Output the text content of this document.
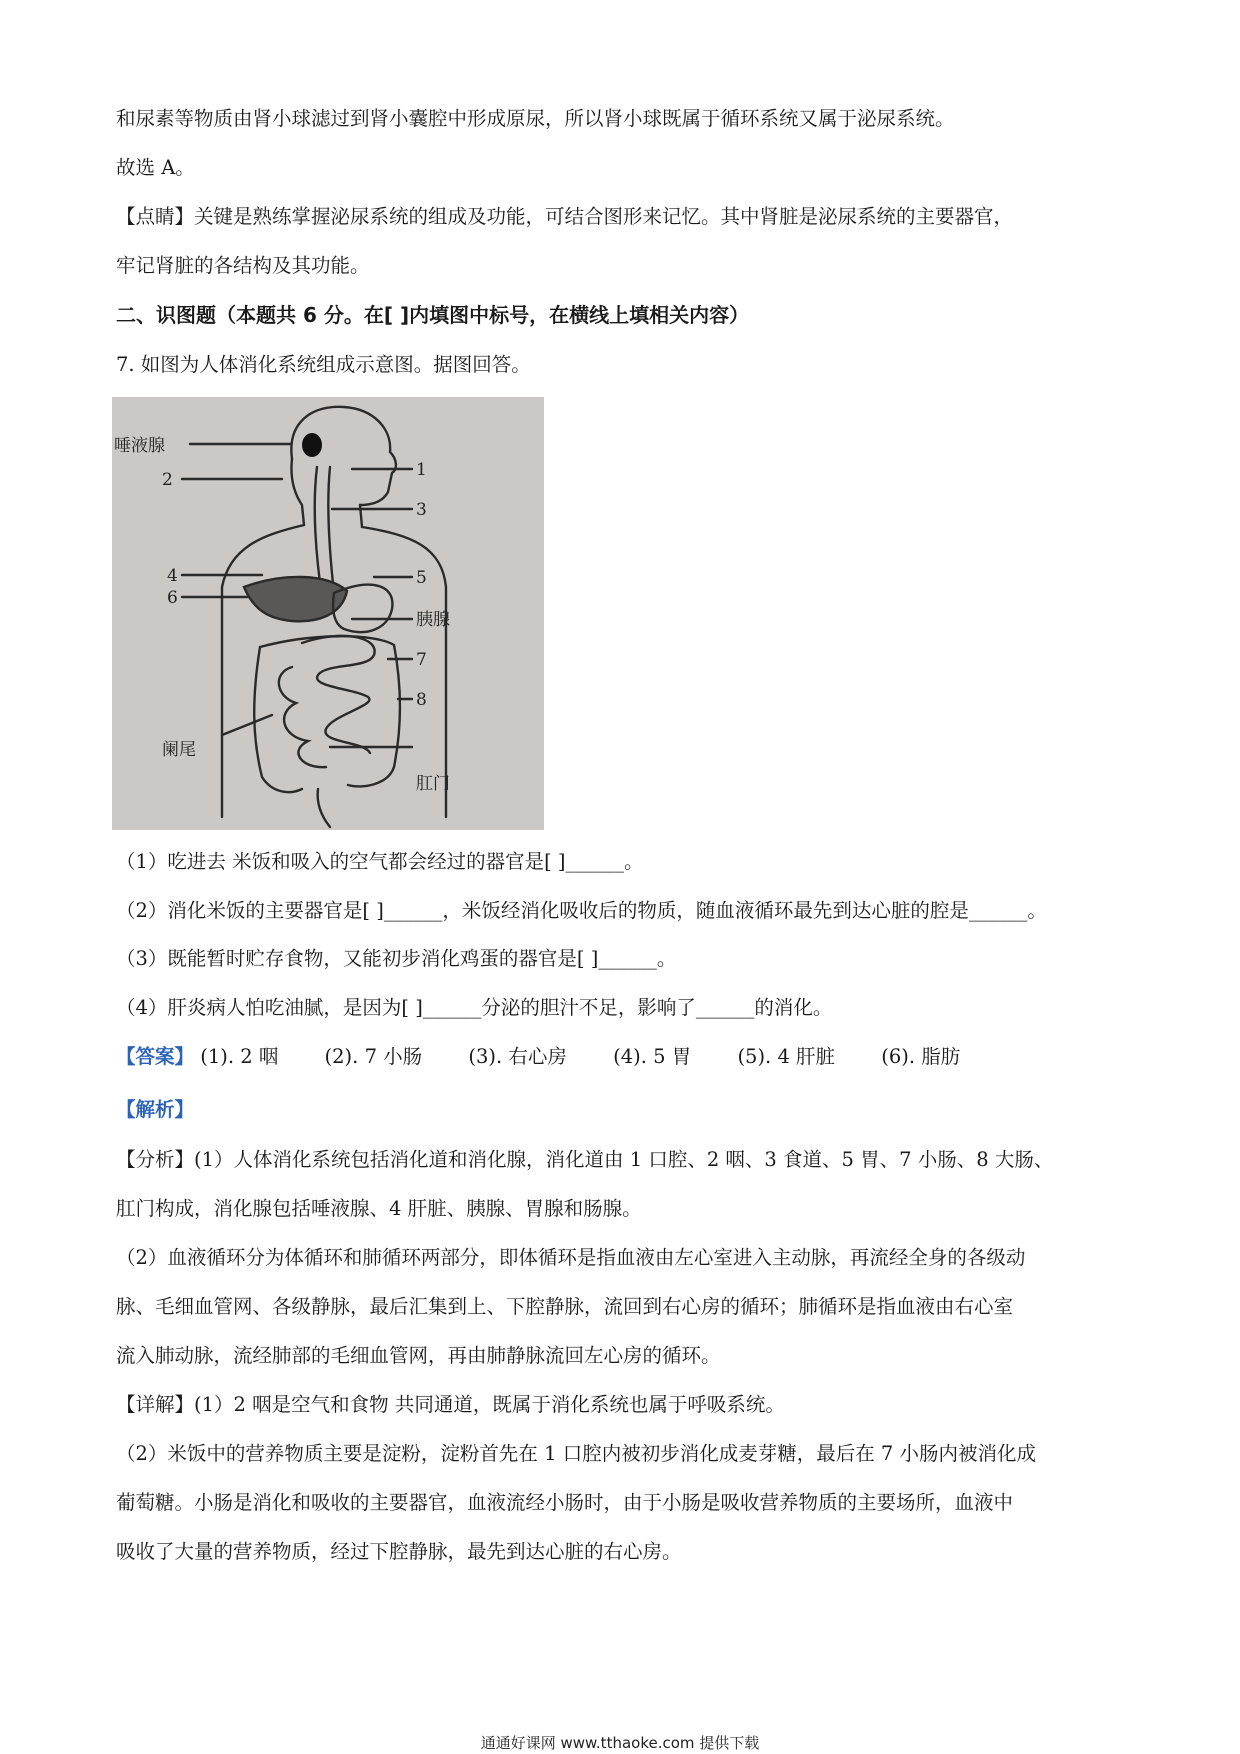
和尿素等物质由肾小球滤过到肾小囊腔中形成原尿，所以肾小球既属于循环系统又属于泌尿系统。
故选 A。
【点睛】关键是熟练掌握泌尿系统的组成及功能，可结合图形来记忆。其中肾脏是泌尿系统的主要器官，
牢记肾脏的各结构及其功能。
二、识图题（本题共 6 分。在[ ]内填图中标号，在横线上填相关内容）
7. 如图为人体消化系统组成示意图。据图回答。
唾液腺
2	1
3
4
6
5
胰腺
7
8
阑尾
肛门
（1）吃进去 米饭和吸入的空气都会经过的器官是[ ]______。
（2）消化米饭的主要器官是[ ]______，米饭经消化吸收后的物质，随血液循环最先到达心脏的腔是______。
（3）既能暂时贮存食物，又能初步消化鸡蛋的器官是[ ]______。
（4）肝炎病人怕吃油腻，是因为[ ]______分泌的胆汁不足，影响了______的消化。
【答案】 (1). 2 咽 (2). 7 小肠 (3). 右心房 (4). 5 胃 (5). 4 肝脏 (6). 脂肪
【解析】
【分析】(1）人体消化系统包括消化道和消化腺，消化道由 1 口腔、2 咽、3 食道、5 胃、7 小肠、8 大肠、
肛门构成，消化腺包括唾液腺、4 肝脏、胰腺、胃腺和肠腺。
（2）血液循环分为体循环和肺循环两部分，即体循环是指血液由左心室进入主动脉，再流经全身的各级动
脉、毛细血管网、各级静脉，最后汇集到上、下腔静脉，流回到右心房的循环；肺循环是指血液由右心室
流入肺动脉，流经肺部的毛细血管网，再由肺静脉流回左心房的循环。
【详解】(1）2 咽是空气和食物 共同通道，既属于消化系统也属于呼吸系统。
（2）米饭中的营养物质主要是淀粉，淀粉首先在 1 口腔内被初步消化成麦芽糖，最后在 7 小肠内被消化成
葡萄糖。小肠是消化和吸收的主要器官，血液流经小肠时，由于小肠是吸收营养物质的主要场所，血液中
吸收了大量的营养物质，经过下腔静脉，最先到达心脏的右心房。
通通好课网 www.tthaoke.com 提供下载
